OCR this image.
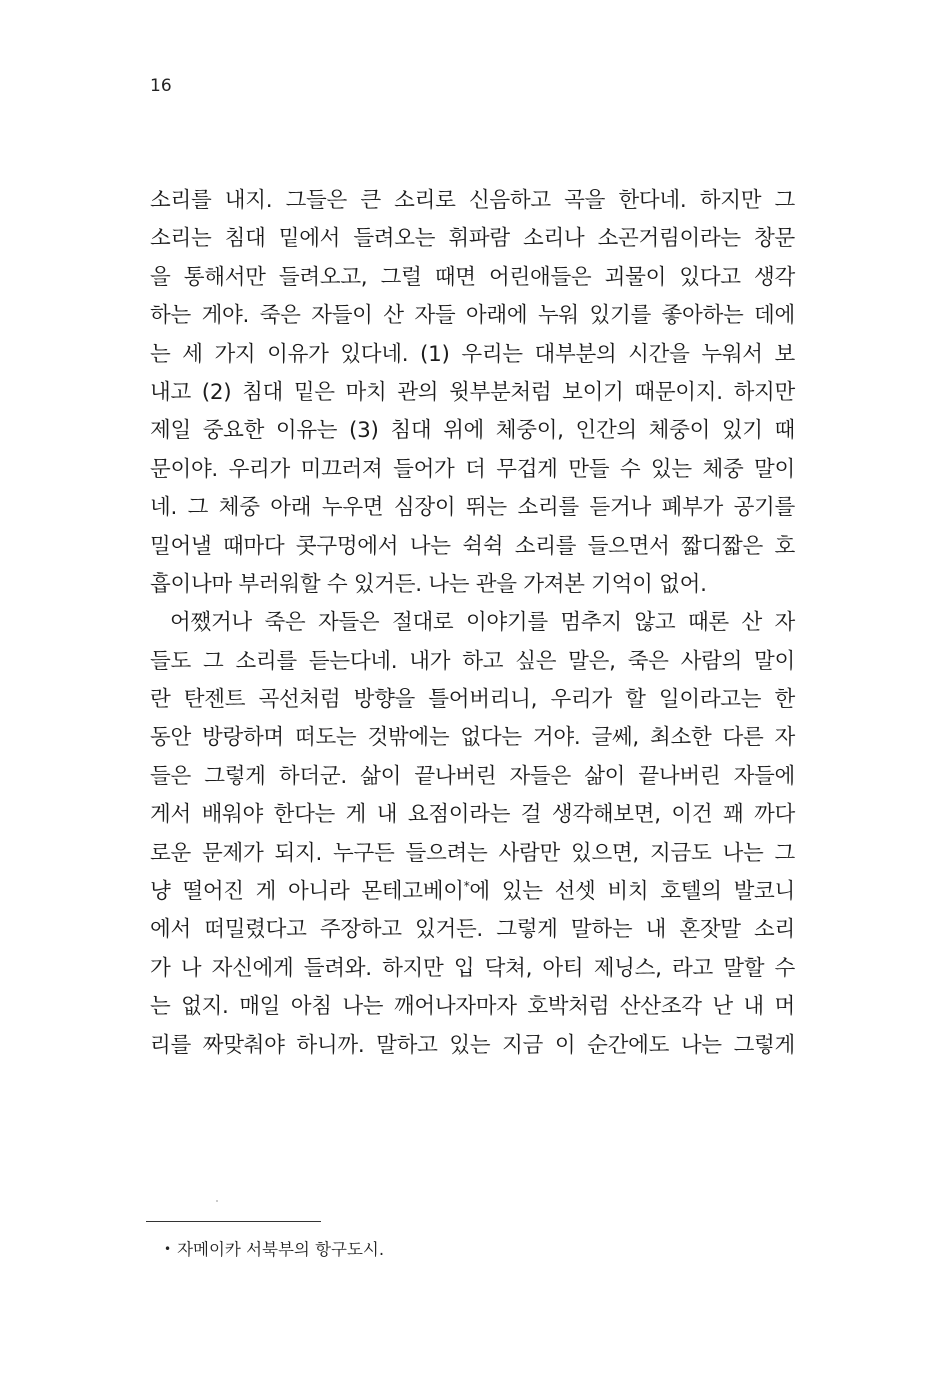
16
소리를 내지. 그들은 큰 소리로 신음하고 곡을 한다네. 하지만 그
소리는 침대 밑에서 들려오는 휘파람 소리나 소곤거림이라는 창문
을 통해서만 들려오고, 그럴 때면 어린애들은 괴물이 있다고 생각
하는 게야. 죽은 자들이 산 자들 아래에 누워 있기를 좋아하는 데에
는 세 가지 이유가 있다네. (1) 우리는 대부분의 시간을 누워서 보
내고 (2) 침대 밑은 마치 관의 윗부분처럼 보이기 때문이지. 하지만
제일 중요한 이유는 (3) 침대 위에 체중이, 인간의 체중이 있기 때
문이야. 우리가 미끄러져 들어가 더 무겁게 만들 수 있는 체중 말이
네. 그 체중 아래 누우면 심장이 뛰는 소리를 듣거나 폐부가 공기를
밀어낼 때마다 콧구멍에서 나는 쉭쉭 소리를 들으면서 짧디짧은 호
흡이나마 부러워할 수 있거든. 나는 관을 가져본 기억이 없어.
어쨌거나 죽은 자들은 절대로 이야기를 멈추지 않고 때론 산 자
들도 그 소리를 듣는다네. 내가 하고 싶은 말은, 죽은 사람의 말이
란 탄젠트 곡선처럼 방향을 틀어버리니, 우리가 할 일이라고는 한
동안 방랑하며 떠도는 것밖에는 없다는 거야. 글쎄, 최소한 다른 자
들은 그렇게 하더군. 삶이 끝나버린 자들은 삶이 끝나버린 자들에
게서 배워야 한다는 게 내 요점이라는 걸 생각해보면, 이건 꽤 까다
로운 문제가 되지. 누구든 들으려는 사람만 있으면, 지금도 나는 그
냥 떨어진 게 아니라 몬테고베이*에 있는 선셋 비치 호텔의 발코니
에서 떠밀렸다고 주장하고 있거든. 그렇게 말하는 내 혼잣말 소리
가 나 자신에게 들려와. 하지만 입 닥쳐, 아티 제닝스, 라고 말할 수
는 없지. 매일 아침 나는 깨어나자마자 호박처럼 산산조각 난 내 머
리를 짜맞춰야 하니까. 말하고 있는 지금 이 순간에도 나는 그렇게
• 자메이카 서북부의 항구도시.
